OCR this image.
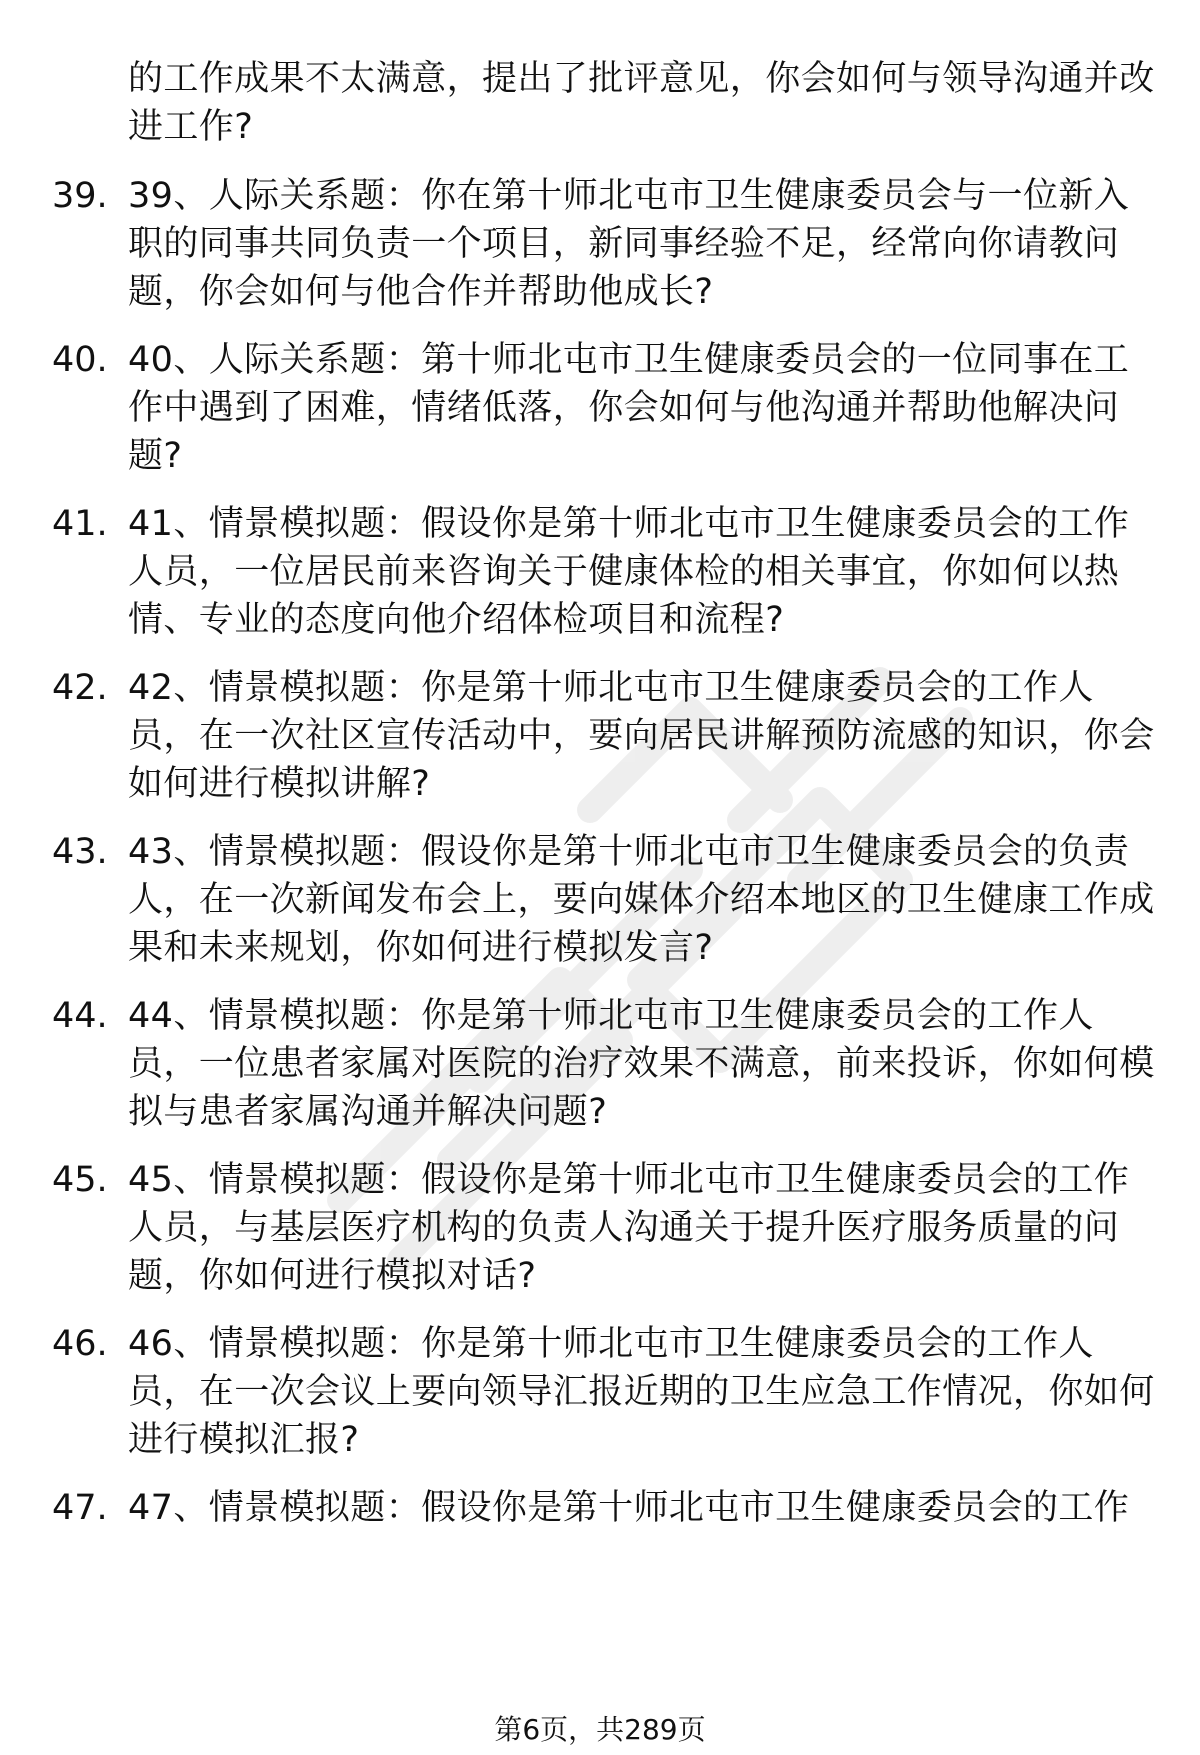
的工作成果不太满意，提出了批评意见，你会如何与领导沟通并改进工作?
39. 39、人际关系题：你在第十师北屯市卫生健康委员会与一位新入职的同事共同负责一个项目，新同事经验不足，经常向你请教问题，你会如何与他合作并帮助他成长?
40. 40、人际关系题：第十师北屯市卫生健康委员会的一位同事在工作中遇到了困难，情绪低落，你会如何与他沟通并帮助他解决问题?
41. 41、情景模拟题：假设你是第十师北屯市卫生健康委员会的工作人员，一位居民前来咨询关于健康体检的相关事宜，你如何以热情、专业的态度向他介绍体检项目和流程?
42. 42、情景模拟题：你是第十师北屯市卫生健康委员会的工作人员，在一次社区宣传活动中，要向居民讲解预防流感的知识，你会如何进行模拟讲解?
43. 43、情景模拟题：假设你是第十师北屯市卫生健康委员会的负责人，在一次新闻发布会上，要向媒体介绍本地区的卫生健康工作成果和未来规划，你如何进行模拟发言?
44. 44、情景模拟题：你是第十师北屯市卫生健康委员会的工作人员，一位患者家属对医院的治疗效果不满意，前来投诉，你如何模拟与患者家属沟通并解决问题?
45. 45、情景模拟题：假设你是第十师北屯市卫生健康委员会的工作人员，与基层医疗机构的负责人沟通关于提升医疗服务质量的问题，你如何进行模拟对话?
46. 46、情景模拟题：你是第十师北屯市卫生健康委员会的工作人员，在一次会议上要向领导汇报近期的卫生应急工作情况，你如何进行模拟汇报?
47. 47、情景模拟题：假设你是第十师北屯市卫生健康委员会的工作
第6页，共289页
